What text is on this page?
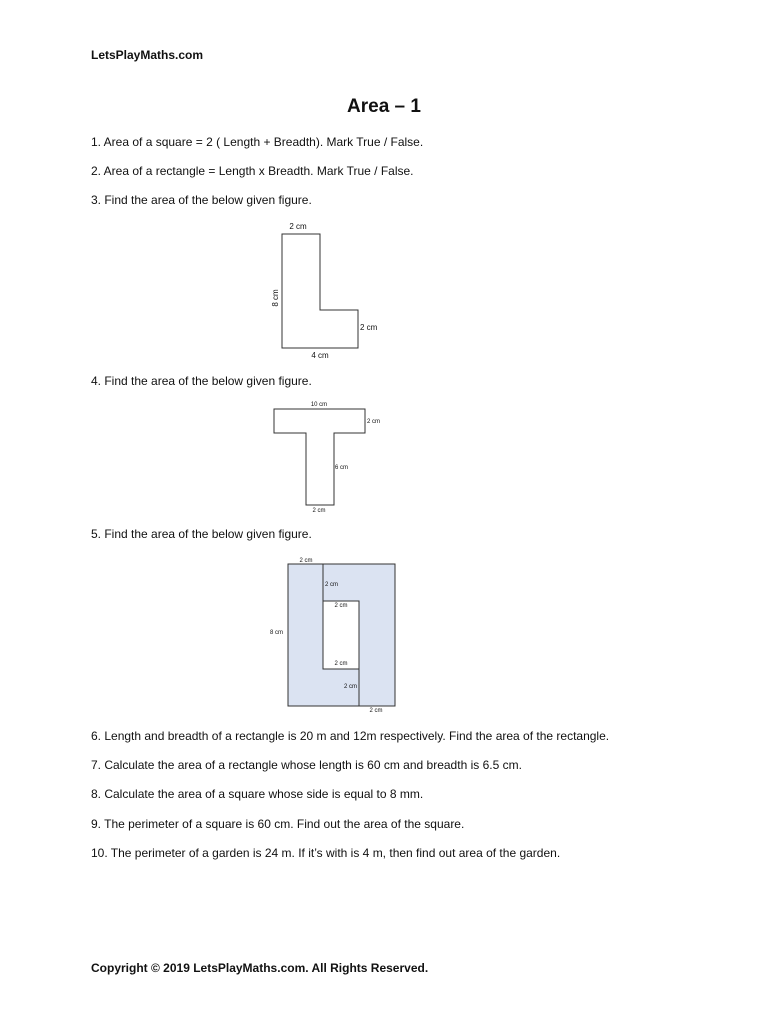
LetsPlayMaths.com
Area – 1
1. Area of a square = 2 ( Length + Breadth). Mark True / False.
2. Area of a rectangle = Length x Breadth. Mark True / False.
3. Find the area of the below given figure.
2 cm
8 cm
2 cm
4 cm
4. Find the area of the below given figure.
10 cm
2 cm
6 cm
2 cm
5. Find the area of the below given figure.
2 cm
2 cm
2 cm
8 cm
2 cm
2 cm
2 cm
6. Length and breadth of a rectangle is 20 m and 12m respectively. Find the area of the rectangle.
7. Calculate the area of a rectangle whose length is 60 cm and breadth is 6.5 cm.
8. Calculate the area of a square whose side is equal to 8 mm.
9. The perimeter of a square is 60 cm. Find out the area of the square.
10. The perimeter of a garden is 24 m. If it’s with is 4 m, then find out area of the garden.
Copyright © 2019 LetsPlayMaths.com. All Rights Reserved.
